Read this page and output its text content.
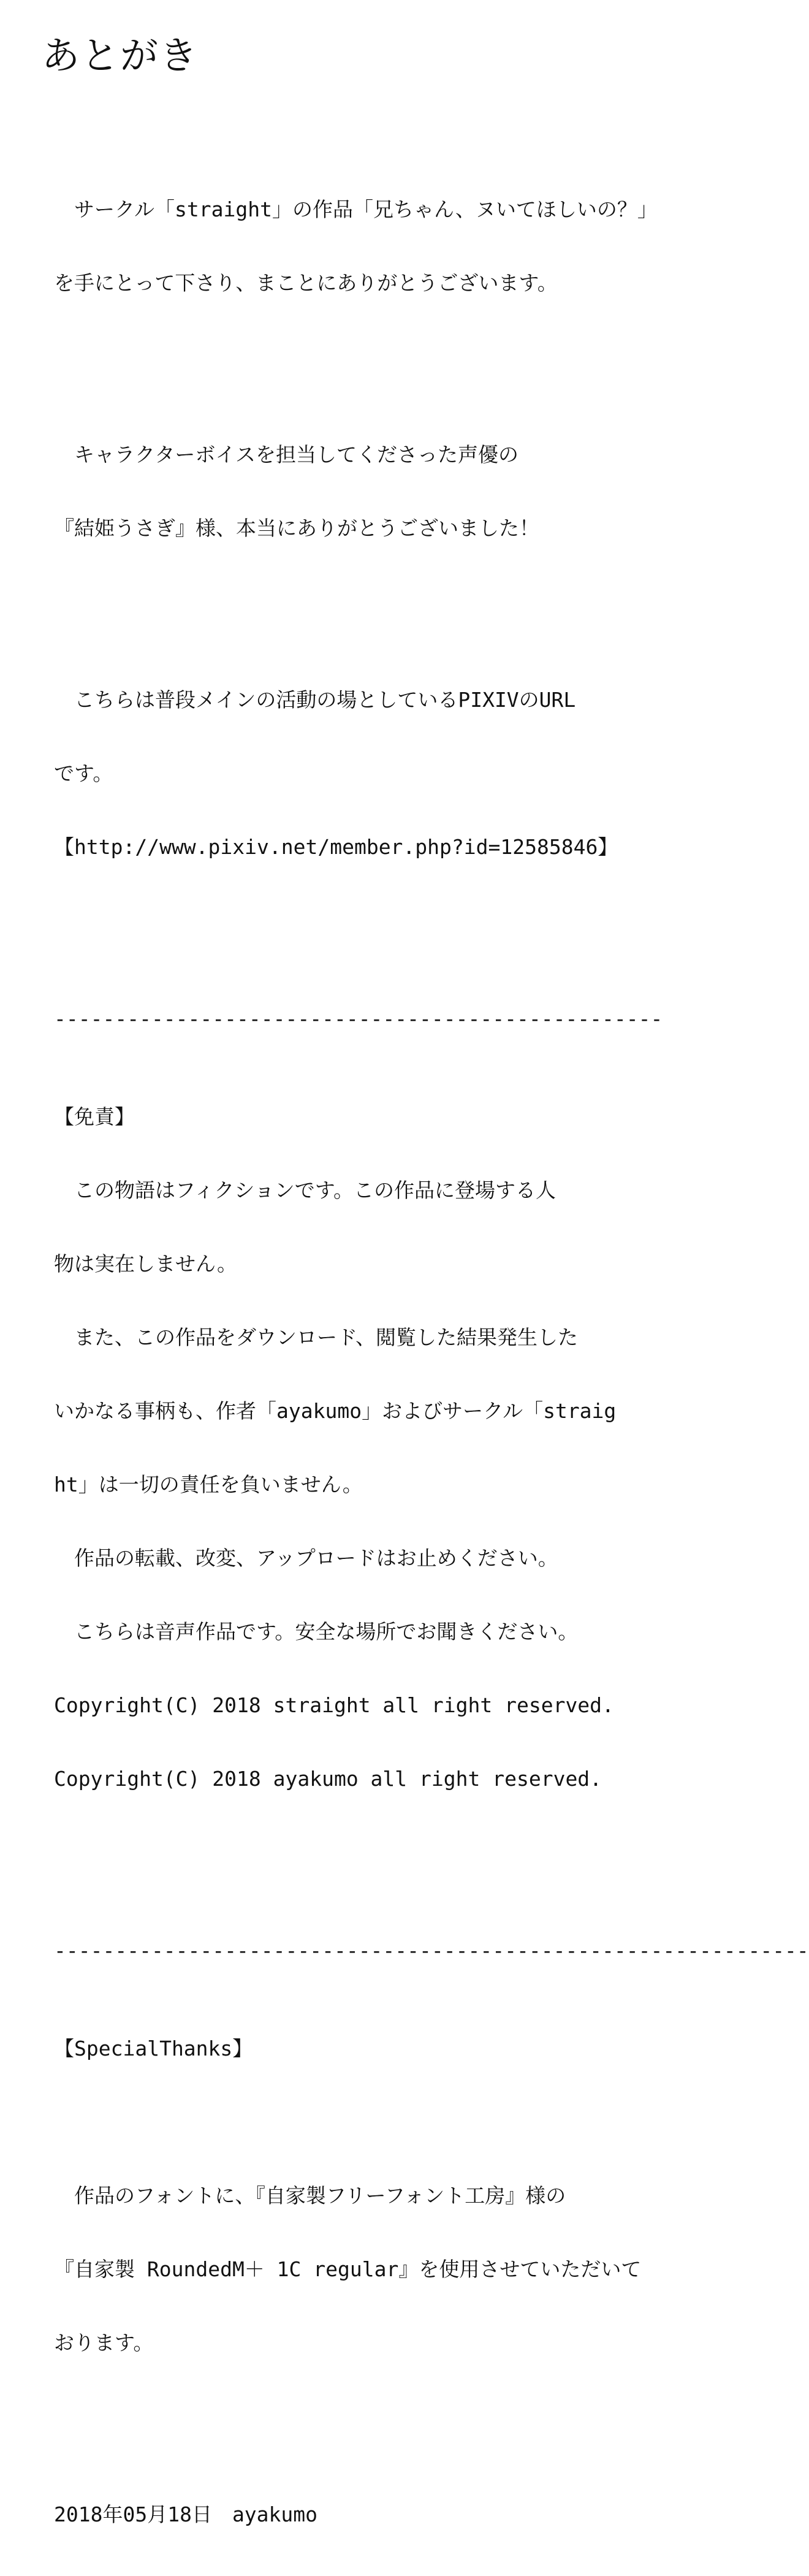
あとがき

　サークル「straight」の作品「兄ちゃん、ヌいてほしいの？」

を手にとって下さり、まことにありがとうございます。

　キャラクターボイスを担当してくださった声優の

『結姫うさぎ』様、本当にありがとうございました！

　こちらは普段メインの活動の場としているPIXIVのURL

です。

【http://www.pixiv.net/member.php?id=12585846】

--------------------------------------------------

【免責】

　この物語はフィクションです。この作品に登場する人

物は実在しません。

　また、この作品をダウンロード、閲覧した結果発生した

いかなる事柄も、作者「ayakumo」およびサークル「straig

ht」は一切の責任を負いません。

　作品の転載、改変、アップロードはお止めください。

　こちらは音声作品です。安全な場所でお聞きください。

Copyright(C) 2018 straight all right reserved.

Copyright(C) 2018 ayakumo all right reserved.

--------------------------------------------------------------

【SpecialThanks】

　作品のフォントに、『自家製フリーフォント工房』様の

『自家製 RoundedM＋ 1C regular』を使用させていただいて

おります。

2018年05月18日　ayakumo
